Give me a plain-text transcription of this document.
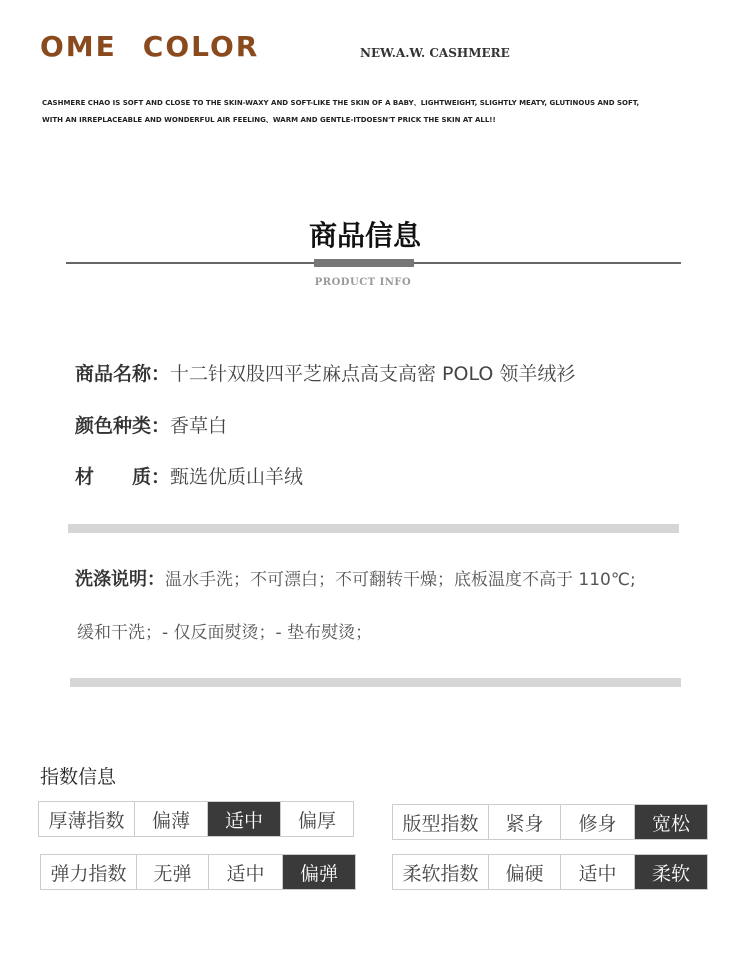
OME COLOR	NEW.A.W. CASHMERE
CASHMERE CHAO IS SOFT AND CLOSE TO THE SKIN-WAXY AND SOFT-LIKE THE SKIN OF A BABY、LIGHTWEIGHT, SLIGHTLY MEATY, GLUTINOUS AND SOFT,
WITH AN IRREPLACEABLE AND WONDERFUL AIR FEELING、WARM AND GENTLE-ITDOESN'T PRICK THE SKIN AT ALL!!
商品信息
PRODUCT INFO
商品名称：十二针双股四平芝麻点高支高密 POLO 领羊绒衫
颜色种类：香草白
材　　质：甄选优质山羊绒
洗涤说明：温水手洗；不可漂白；不可翻转干燥；底板温度不高于 110℃;
缓和干洗；- 仅反面熨烫；- 垫布熨烫；
指数信息
厚薄指数	偏薄	适中	偏厚	版型指数	紧身	修身	宽松
弹力指数	无弹	适中	偏弹	柔软指数	偏硬	适中	柔软
